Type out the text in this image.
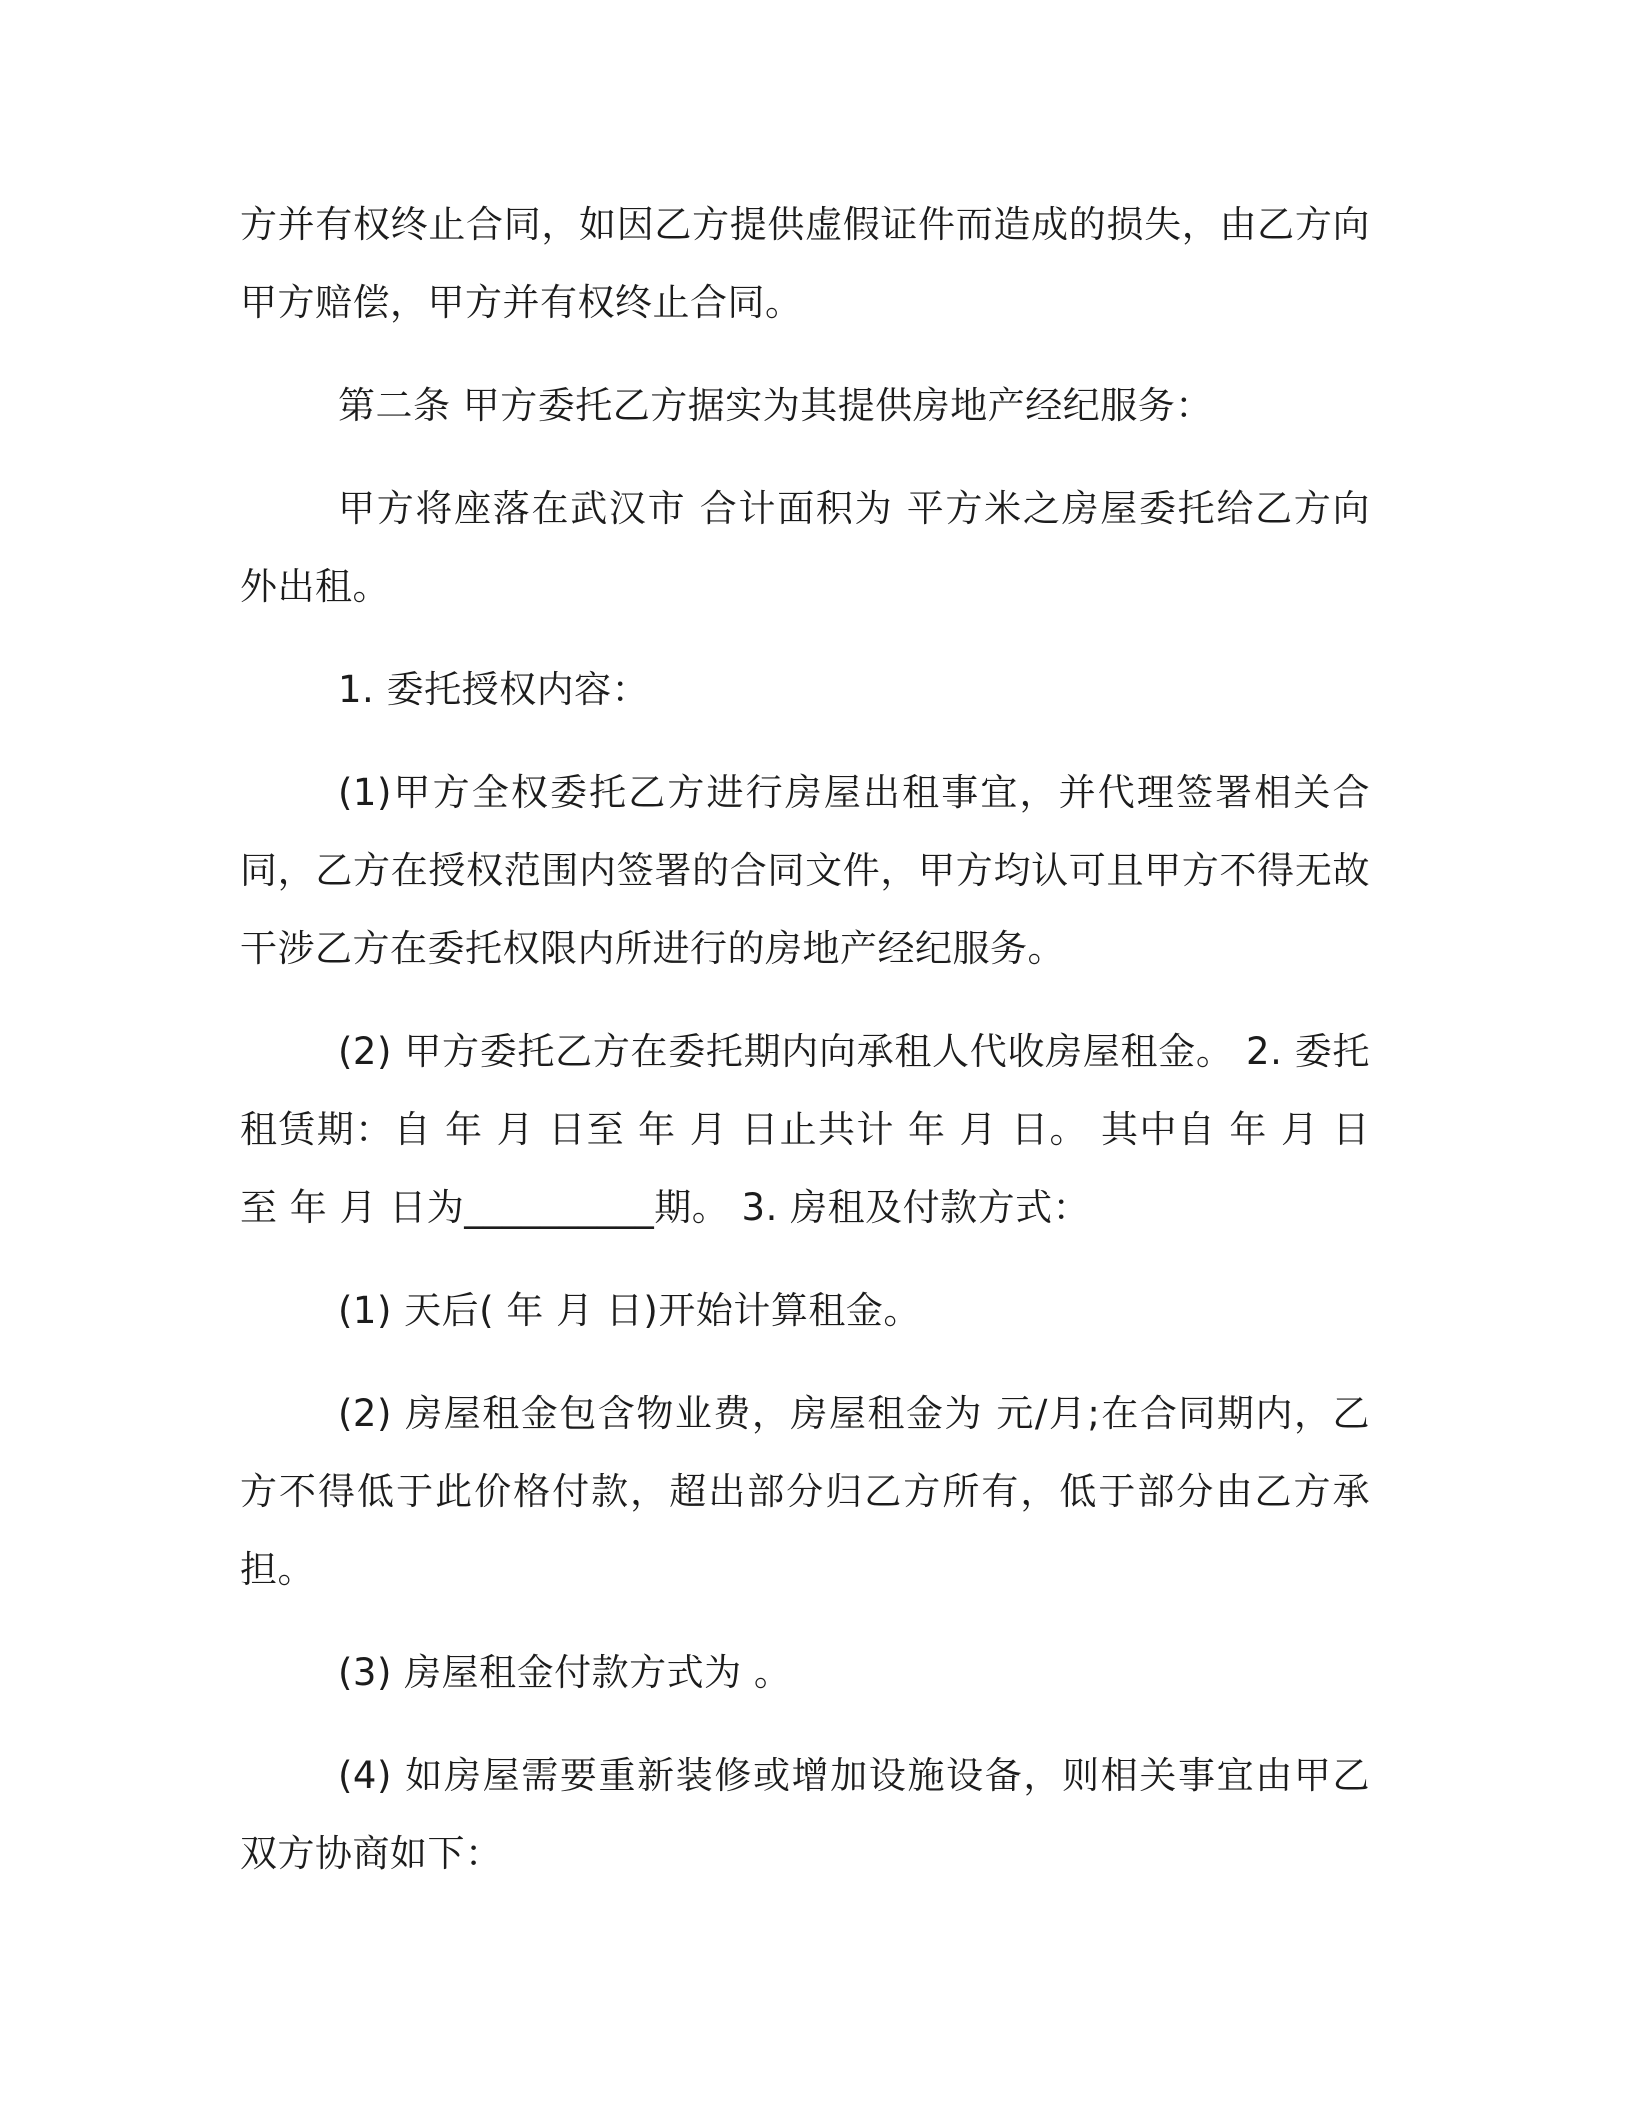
方并有权终止合同，如因乙方提供虚假证件而造成的损失，由乙方向甲方赔偿，甲方并有权终止合同。

第二条 甲方委托乙方据实为其提供房地产经纪服务：

甲方将座落在武汉市 合计面积为 平方米之房屋委托给乙方向外出租。

1. 委托授权内容：

(1)甲方全权委托乙方进行房屋出租事宜，并代理签署相关合同，乙方在授权范围内签署的合同文件，甲方均认可且甲方不得无故干涉乙方在委托权限内所进行的房地产经纪服务。

(2) 甲方委托乙方在委托期内向承租人代收房屋租金。 2. 委托租赁期：自 年 月 日至 年 月 日止共计 年 月 日。 其中自 年 月 日至 年 月 日为__________期。 3. 房租及付款方式：

(1) 天后( 年 月 日)开始计算租金。

(2) 房屋租金包含物业费，房屋租金为 元/月;在合同期内，乙方不得低于此价格付款，超出部分归乙方所有，低于部分由乙方承担。

(3) 房屋租金付款方式为 。

(4) 如房屋需要重新装修或增加设施设备，则相关事宜由甲乙双方协商如下：
